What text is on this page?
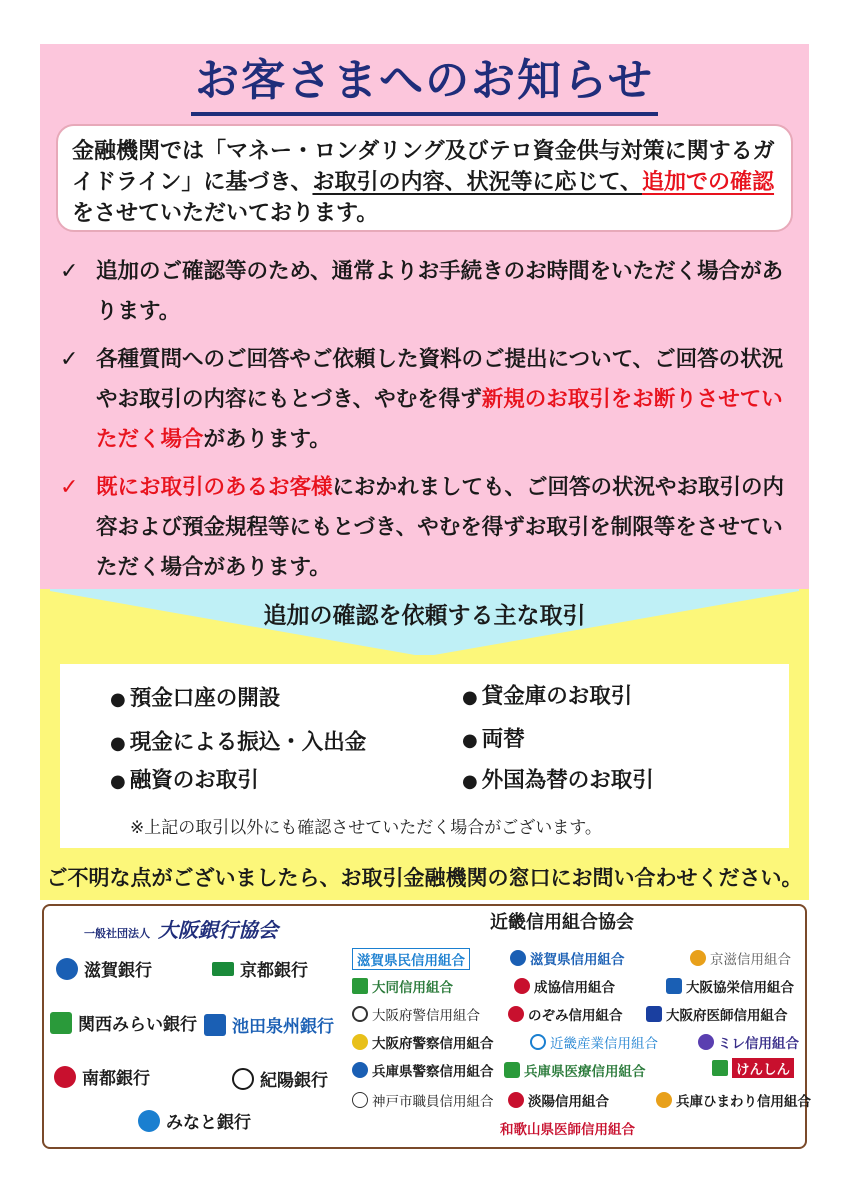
お客さまへのお知らせ
金融機関では「マネー・ロンダリング及びテロ資金供与対策に関するガイドライン」に基づき、お取引の内容、状況等に応じて、追加での確認をさせていただいております。
✓ 追加のご確認等のため、通常よりお手続きのお時間をいただく場合があります。
✓ 各種質問へのご回答やご依頼した資料のご提出について、ご回答の状況やお取引の内容にもとづき、やむを得ず新規のお取引をお断りさせていただく場合があります。
✓ 既にお取引のあるお客様におかれましても、ご回答の状況やお取引の内容および預金規程等にもとづき、やむを得ずお取引を制限等をさせていただく場合があります。
追加の確認を依頼する主な取引
● 預金口座の開設
● 現金による振込・入出金
● 融資のお取引
● 貸金庫のお取引
● 両替
● 外国為替のお取引
※上記の取引以外にも確認させていただく場合がございます。
ご不明な点がございましたら、お取引金融機関の窓口にお問い合わせください。
一般社団法人 大阪銀行協会	近畿信用組合協会
滋賀銀行	京都銀行
関西みらい銀行 池田泉州銀行
南都銀行	紀陽銀行
みなと銀行
滋賀県民信用組合	滋賀県信用組合	京滋信用組合
大同信用組合	成協信用組合	大阪協栄信用組合
大阪府警信用組合	のぞみ信用組合	大阪府医師信用組合
大阪府警察信用組合	近畿産業信用組合	ミレ信用組合
兵庫県警察信用組合 兵庫県医療信用組合	けんしん
神戸市職員信用組合	淡陽信用組合	兵庫ひまわり信用組合
和歌山県医師信用組合
